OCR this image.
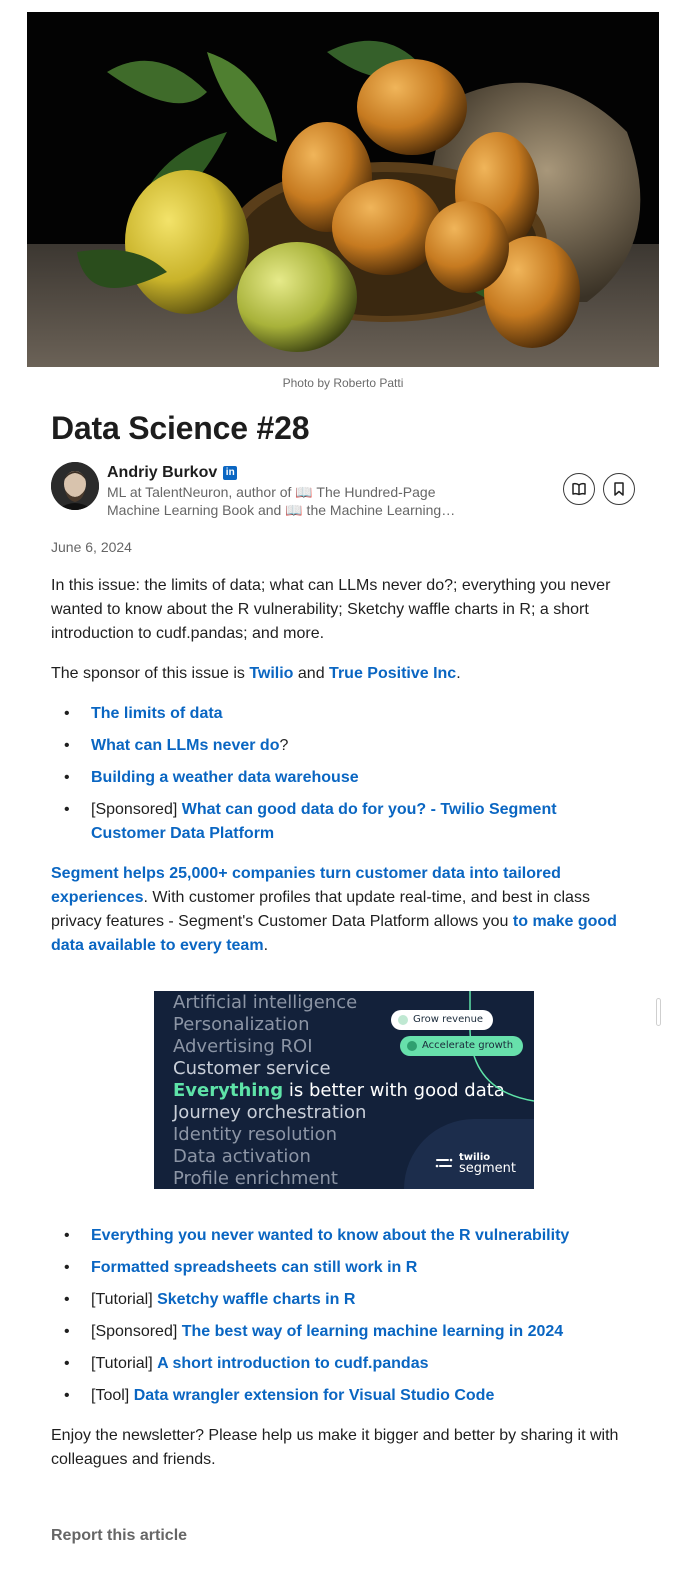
Photo by Roberto Patti
Data Science #28
Andriy Burkov in
ML at TalentNeuron, author of 📖 The Hundred-Page
Machine Learning Book and 📖 the Machine Learning…
June 6, 2024

In this issue: the limits of data; what can LLMs never do?; everything you never wanted to know about the R vulnerability; Sketchy waffle charts in R; a short introduction to cudf.pandas; and more.

The sponsor of this issue is Twilio and True Positive Inc.

• The limits of data
• What can LLMs never do?
• Building a weather data warehouse
• [Sponsored] What can good data do for you? - Twilio Segment Customer Data Platform

Segment helps 25,000+ companies turn customer data into tailored experiences. With customer profiles that update real-time, and best in class privacy features - Segment's Customer Data Platform allows you to make good data available to every team.

Artificial intelligence
Personalization
Advertising ROI
Customer service
Everything is better with good data
Journey orchestration
Identity resolution
Data activation
Profile enrichment
Grow revenue
Accelerate growth
twilio
segment
• Everything you never wanted to know about the R vulnerability
• Formatted spreadsheets can still work in R
• [Tutorial] Sketchy waffle charts in R
• [Sponsored] The best way of learning machine learning in 2024
• [Tutorial] A short introduction to cudf.pandas
• [Tool] Data wrangler extension for Visual Studio Code

Enjoy the newsletter? Please help us make it bigger and better by sharing it with colleagues and friends.

Report this article
